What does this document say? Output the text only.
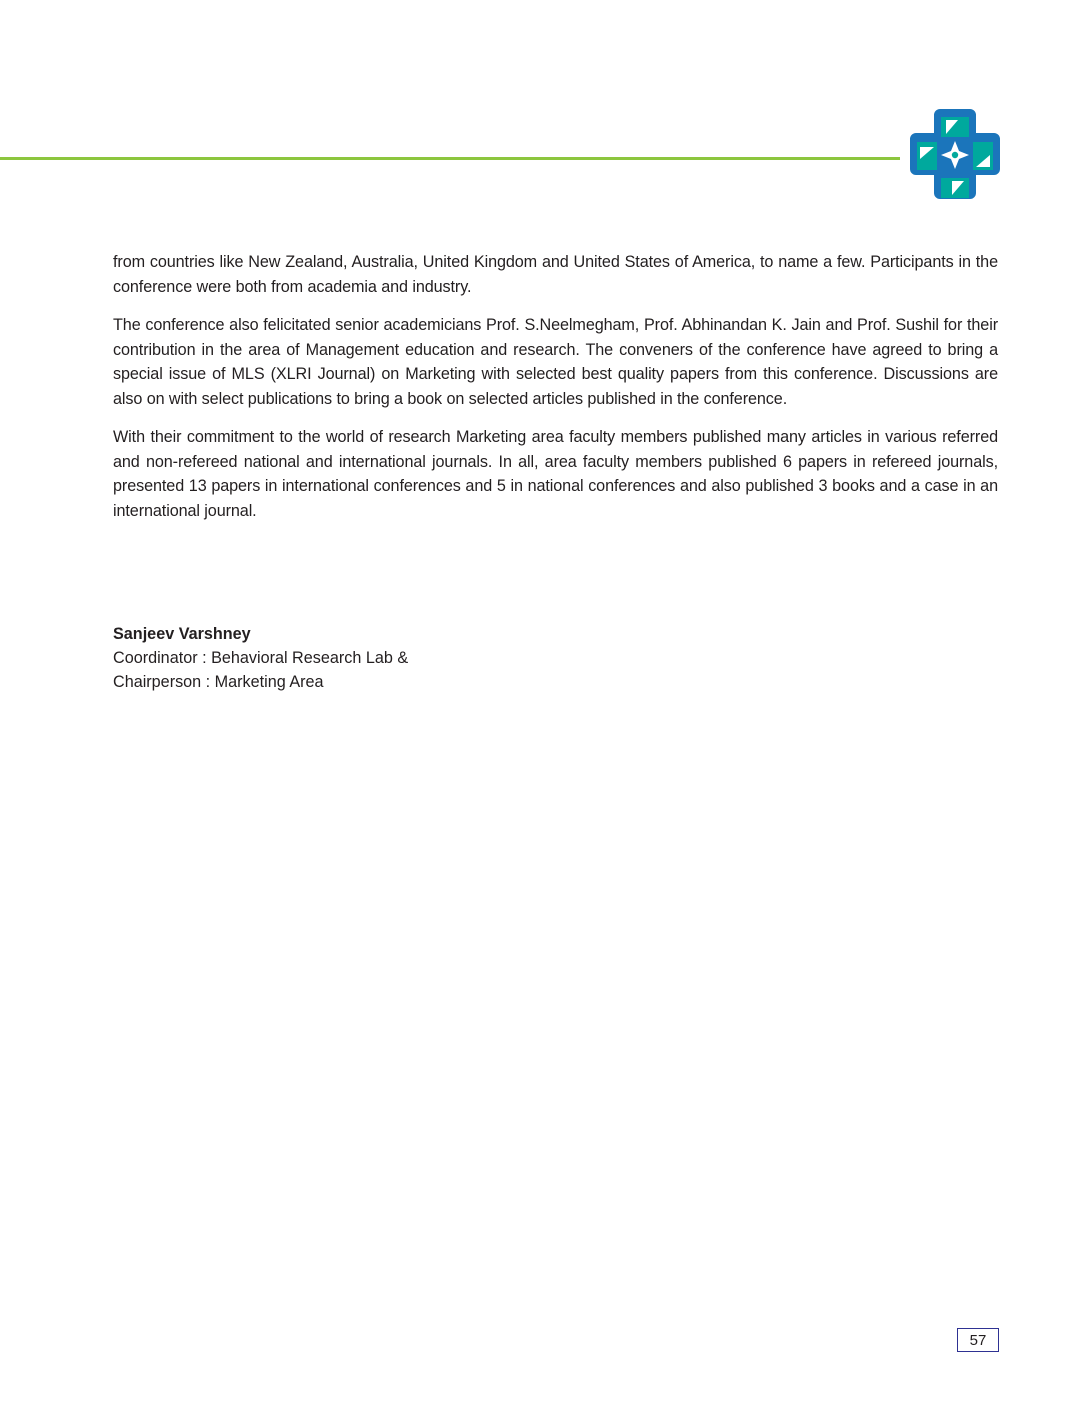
from countries like New Zealand, Australia, United Kingdom and United States of America, to name a few. Participants in the conference were both from academia and industry.

The conference also felicitated senior academicians Prof. S.Neelmegham, Prof. Abhinandan K. Jain and Prof. Sushil for their contribution in the area of Management education and research. The conveners of the conference have agreed to bring a special issue of MLS (XLRI Journal) on Marketing with selected best quality papers from this conference. Discussions are also on with select publications to bring a book on selected articles published in the conference.

With their commitment to the world of research Marketing area faculty members published many articles in various referred and non-refereed national and international journals. In all, area faculty members published 6 papers in refereed journals, presented 13 papers in international conferences and 5 in national conferences and also published 3 books and a case in an international journal.

Sanjeev Varshney
Coordinator : Behavioral Research Lab &
Chairperson : Marketing Area
57
